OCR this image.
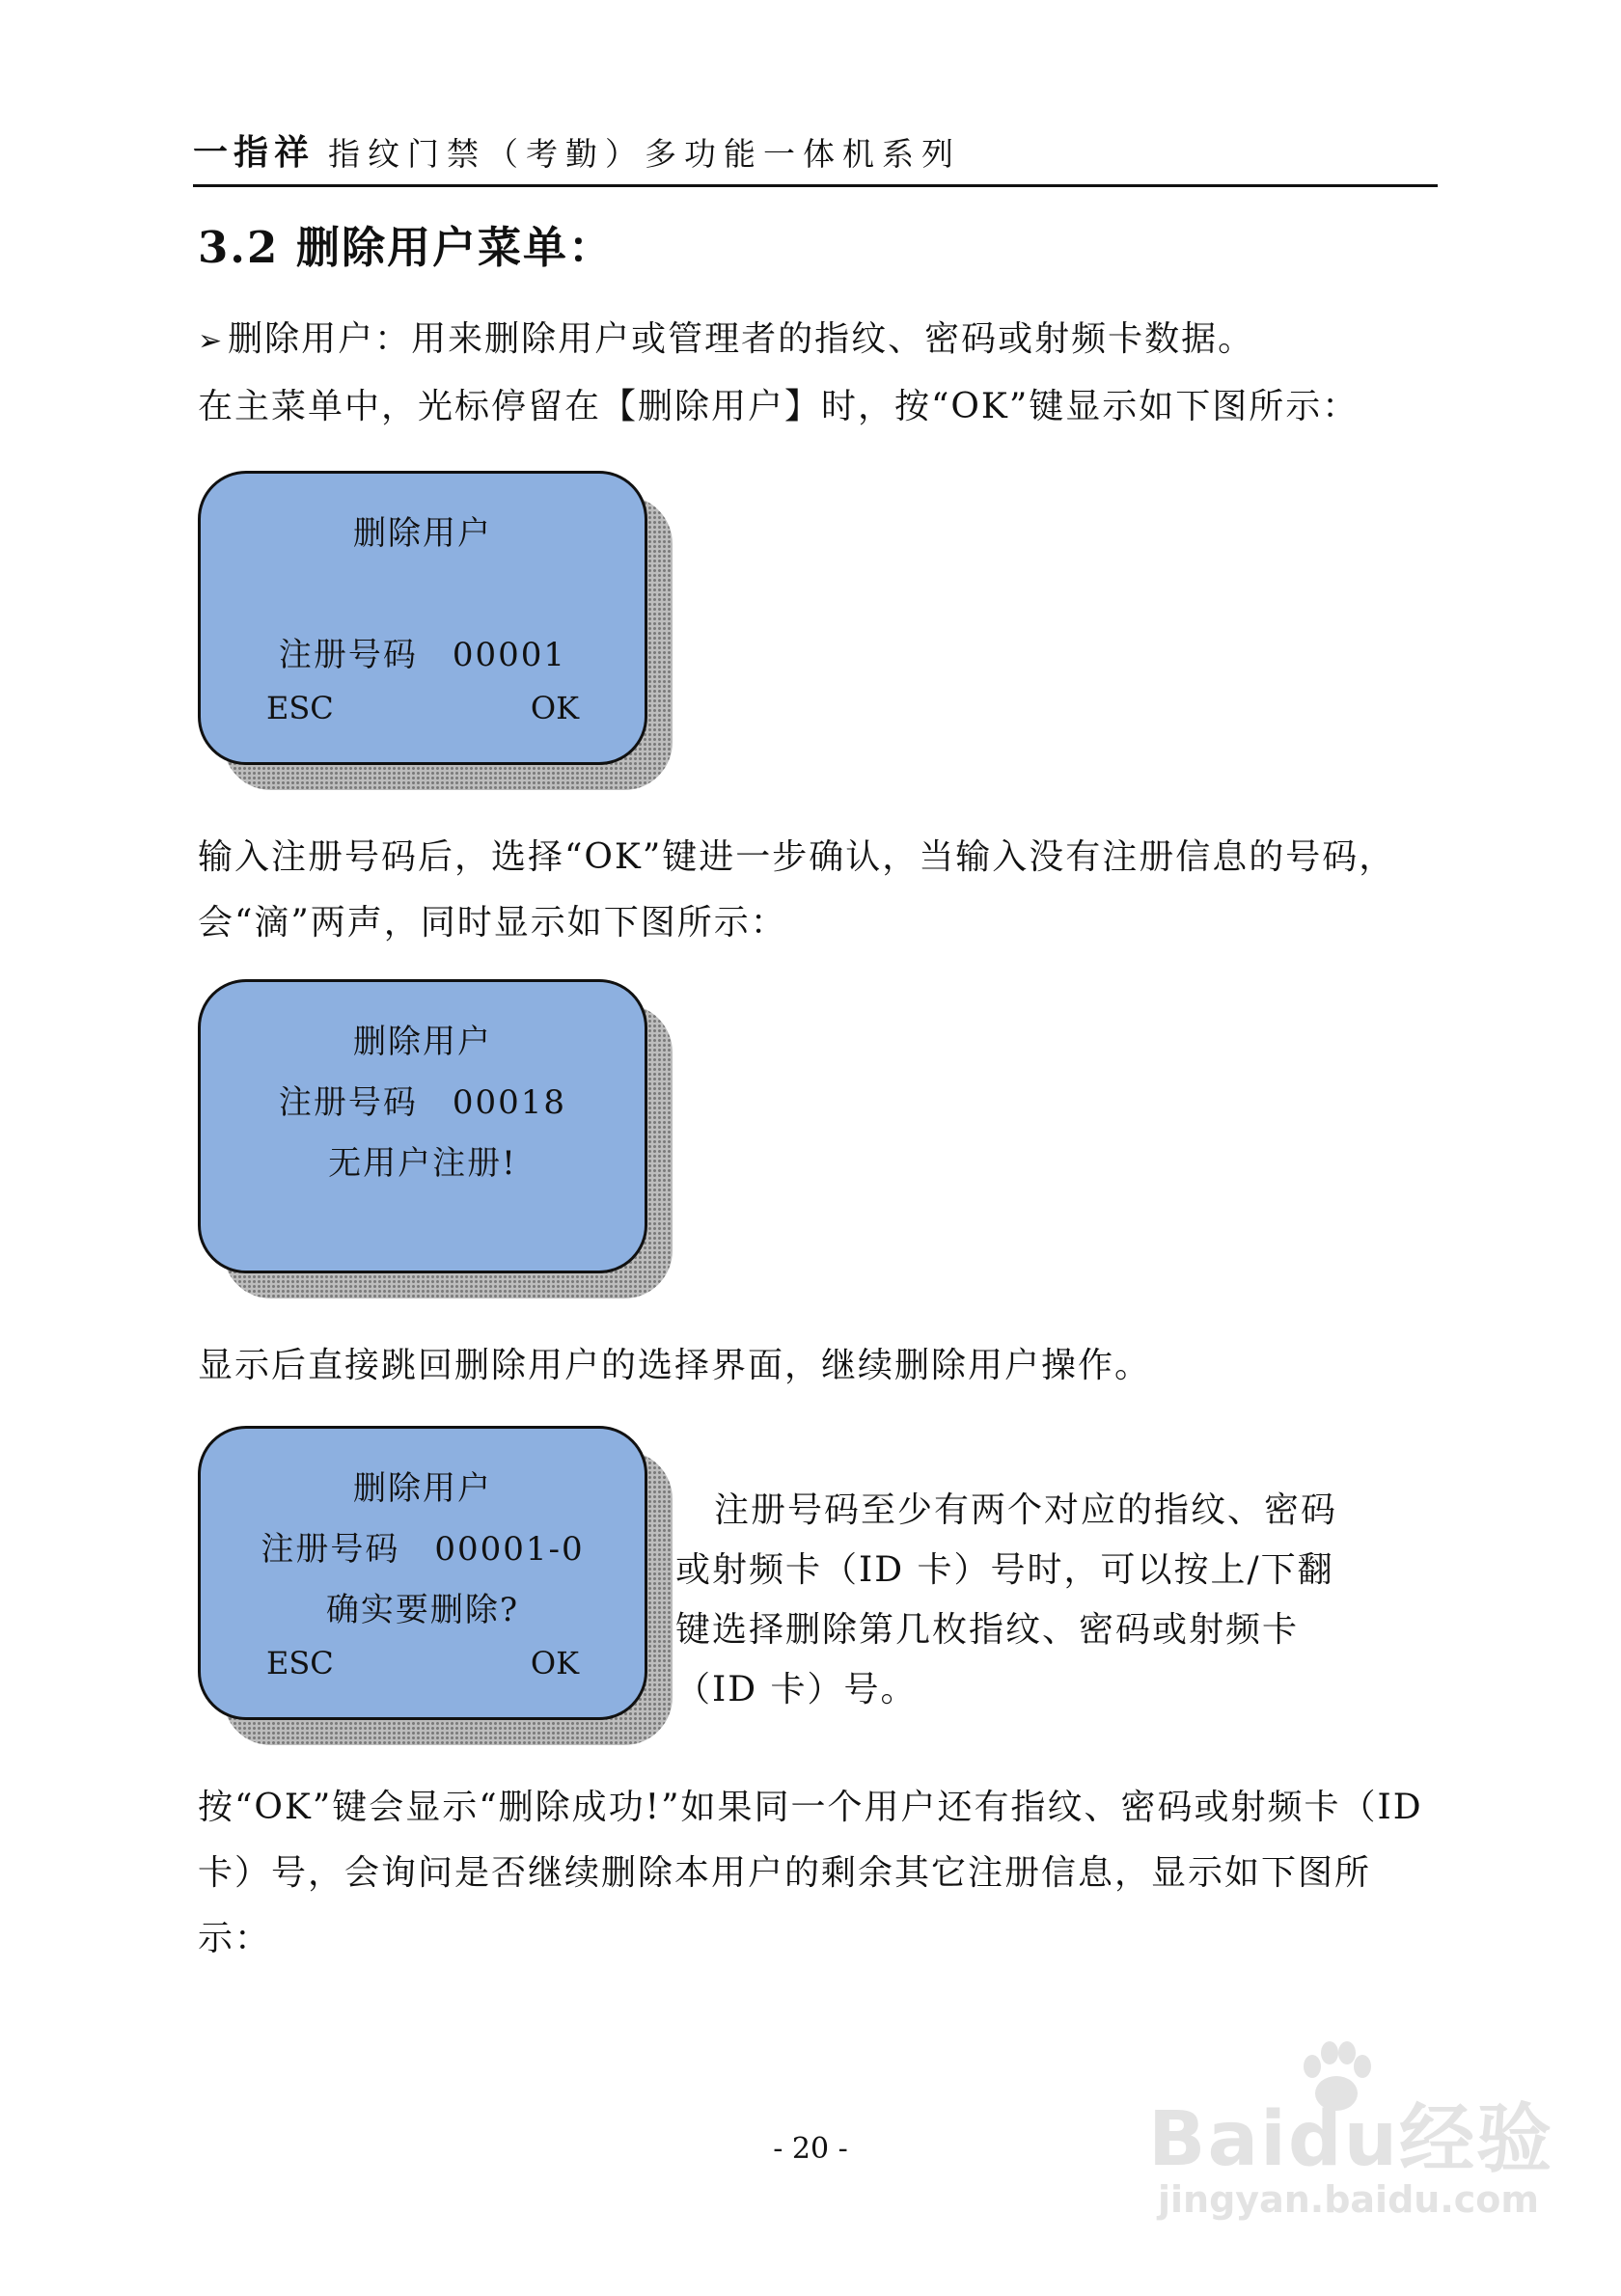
一指祥 指纹门禁（考勤）多功能一体机系列
3.2 删除用户菜单：
➢ 删除用户：用来删除用户或管理者的指纹、密码或射频卡数据。
在主菜单中，光标停留在【删除用户】时，按“OK”键显示如下图所示：
删除用户
注册号码　00001
ESC	OK
输入注册号码后，选择“OK”键进一步确认，当输入没有注册信息的号码，会“滴”两声，同时显示如下图所示：
删除用户
注册号码　00018
无用户注册!
显示后直接跳回删除用户的选择界面，继续删除用户操作。
删除用户
注册号码　00001-0
确实要删除?
ESC	OK
注册号码至少有两个对应的指纹、密码或射频卡（ID 卡）号时，可以按上/下翻键选择删除第几枚指纹、密码或射频卡（ID 卡）号。
按“OK”键会显示“删除成功!”如果同一个用户还有指纹、密码或射频卡（ID 卡）号，会询问是否继续删除本用户的剩余其它注册信息，显示如下图所示：
- 20 -	Baidu经验
jingyan.baidu.com
